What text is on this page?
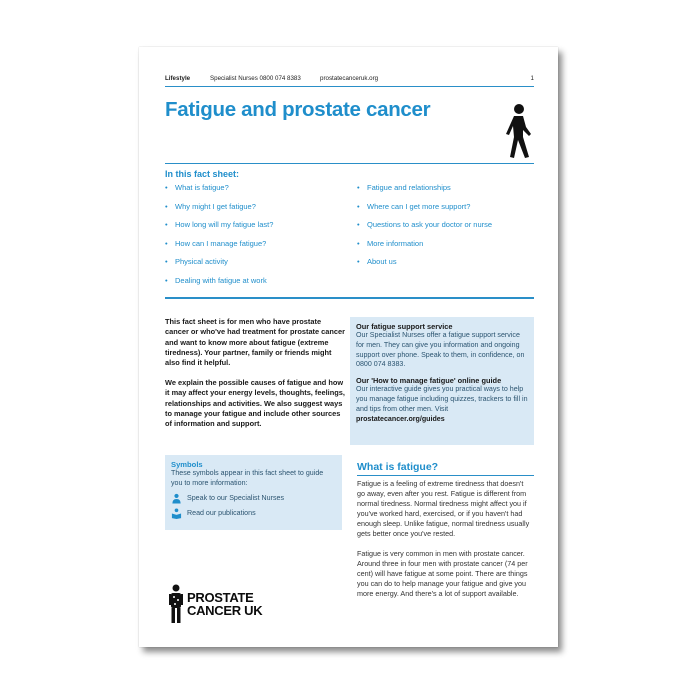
Lifestyle	Specialist Nurses 0800 074 8383	prostatecanceruk.org	1
Fatigue and prostate cancer
In this fact sheet:
• What is fatigue?
• Why might I get fatigue?
• How long will my fatigue last?
• How can I manage fatigue?
• Physical activity
• Dealing with fatigue at work
• Fatigue and relationships
• Where can I get more support?
• Questions to ask your doctor or nurse
• More information
• About us

This fact sheet is for men who have prostate cancer or who've had treatment for prostate cancer and want to know more about fatigue (extreme tiredness). Your partner, family or friends might also find it helpful.

We explain the possible causes of fatigue and how it may affect your energy levels, thoughts, feelings, relationships and activities. We also suggest ways to manage your fatigue and include other sources of information and support.

Our fatigue support service
Our Specialist Nurses offer a fatigue support service for men. They can give you information and ongoing support over phone. Speak to them, in confidence, on 0800 074 8383.
Our 'How to manage fatigue' online guide
Our interactive guide gives you practical ways to help you manage fatigue including quizzes, trackers to fill in and tips from other men. Visit prostatecancer.org/guides
Symbols
These symbols appear in this fact sheet to guide you to more information:
Speak to our Specialist Nurses
Read our publications
What is fatigue?

Fatigue is a feeling of extreme tiredness that doesn't go away, even after you rest. Fatigue is different from normal tiredness. Normal tiredness might affect you if you've worked hard, exercised, or if you haven't had enough sleep. Unlike fatigue, normal tiredness usually gets better once you've rested.

Fatigue is very common in men with prostate cancer. Around three in four men with prostate cancer (74 per cent) will have fatigue at some point. There are things you can do to help manage your fatigue and give you more energy. And there's a lot of support available.

PROSTATE
CANCER UK
